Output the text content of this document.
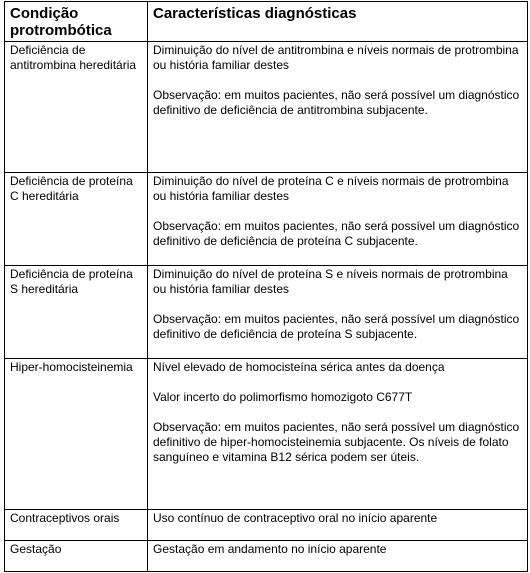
Condição protrombótica	Características diagnósticas
Deficiência de antitrombina hereditária	Diminuição do nível de antitrombina e níveis normais de protrombina ou história familiar destes

Observação: em muitos pacientes, não será possível um diagnóstico definitivo de deficiência de antitrombina subjacente.

Deficiência de proteína C hereditária	Diminuição do nível de proteína C e níveis normais de protrombina ou história familiar destes

Observação: em muitos pacientes, não será possível um diagnóstico definitivo de deficiência de proteína C subjacente.

Deficiência de proteína S hereditária	Diminuição do nível de proteína S e níveis normais de protrombina ou história familiar destes

Observação: em muitos pacientes, não será possível um diagnóstico definitivo de deficiência de proteína S subjacente.

Hiper-homocisteinemia	Nível elevado de homocisteína sérica antes da doença

Valor incerto do polimorfismo homozigoto C677T

Observação: em muitos pacientes, não será possível um diagnóstico definitivo de hiper-homocisteinemia subjacente. Os níveis de folato sanguíneo e vitamina B12 sérica podem ser úteis.

Contraceptivos orais	Uso contínuo de contraceptivo oral no início aparente

Gestação	Gestação em andamento no início aparente
